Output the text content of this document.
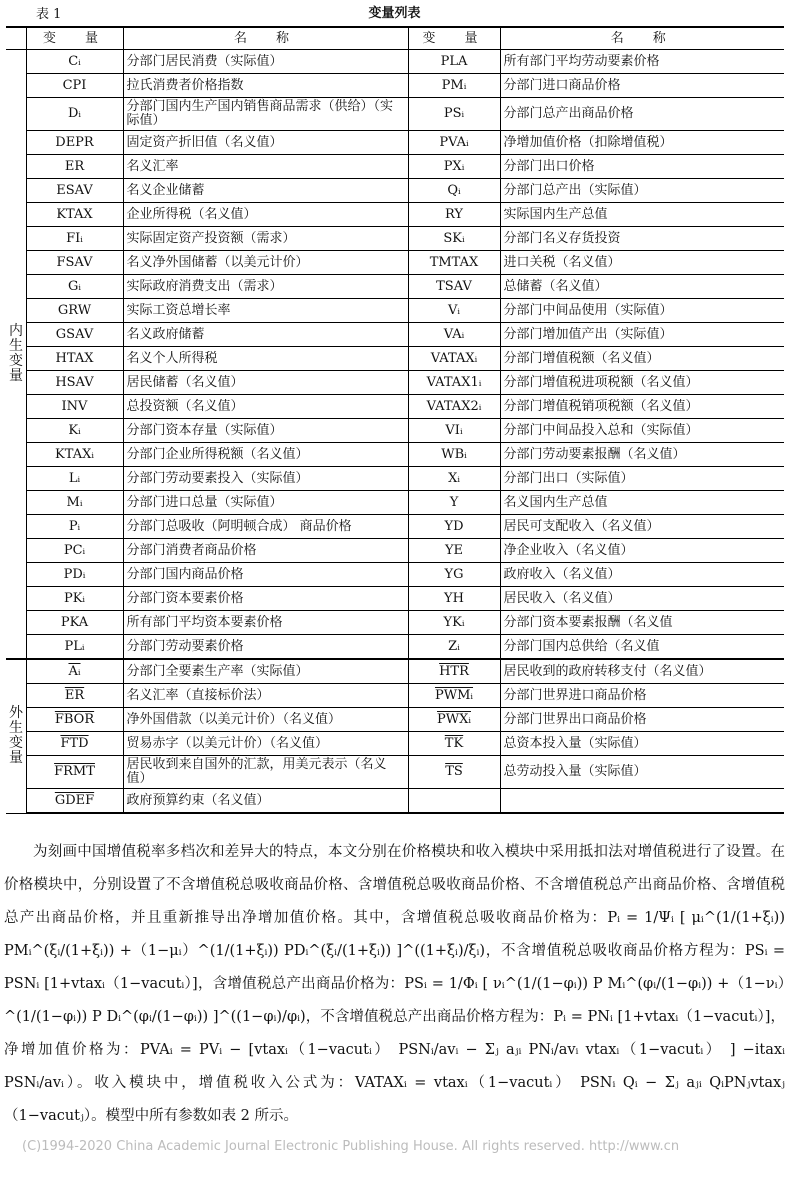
表 1	变量列表
	变　量	名　称	变　量	名　称
内生变量	Cᵢ	分部门居民消费（实际值）	PLA	所有部门平均劳动要素价格
	CPI	拉氏消费者价格指数	PMᵢ	分部门进口商品价格
	Dᵢ	分部门国内生产国内销售商品需求（供给）（实际值）	PSᵢ	分部门总产出商品价格
	DEPR	固定资产折旧值（名义值）	PVAᵢ	净增加值价格（扣除增值税）
	ER	名义汇率	PXᵢ	分部门出口价格
	ESAV	名义企业储蓄	Qᵢ	分部门总产出（实际值）
	KTAX	企业所得税（名义值）	RY	实际国内生产总值
	FIᵢ	实际固定资产投资额（需求）	SKᵢ	分部门名义存货投资
	FSAV	名义净外国储蓄（以美元计价）	TMTAX	进口关税（名义值）
	Gᵢ	实际政府消费支出（需求）	TSAV	总储蓄（名义值）
	GRW	实际工资总增长率	Vᵢ	分部门中间品使用（实际值）
	GSAV	名义政府储蓄	VAᵢ	分部门增加值产出（实际值）
	HTAX	名义个人所得税	VATAXᵢ	分部门增值税额（名义值）
	HSAV	居民储蓄（名义值）	VATAX1ᵢ	分部门增值税进项税额（名义值）
	INV	总投资额（名义值）	VATAX2ᵢ	分部门增值税销项税额（名义值）
	Kᵢ	分部门资本存量（实际值）	VIᵢ	分部门中间品投入总和（实际值）
	KTAXᵢ	分部门企业所得税额（名义值）	WBᵢ	分部门劳动要素报酬（名义值）
	Lᵢ	分部门劳动要素投入（实际值）	Xᵢ	分部门出口（实际值）
	Mᵢ	分部门进口总量（实际值）	Y	名义国内生产总值
	Pᵢ	分部门总吸收（阿明顿合成） 商品价格	YD	居民可支配收入（名义值）
	PCᵢ	分部门消费者商品价格	YE	净企业收入（名义值）
	PDᵢ	分部门国内商品价格	YG	政府收入（名义值）
	PKᵢ	分部门资本要素价格	YH	居民收入（名义值）
	PKA	所有部门平均资本要素价格	YKᵢ	分部门资本要素报酬（名义值
	PLᵢ	分部门劳动要素价格	Zᵢ	分部门国内总供给（名义值
外生变量	$\overline{Aᵢ}$	分部门全要素生产率（实际值）	$\overline{HTR}$	居民收到的政府转移支付（名义值）
	$\overline{ER}$	名义汇率（直接标价法）	PWMᵢ	分部门世界进口商品价格
	FBOR	净外国借款（以美元计价）（名义值）	PWXᵢ	分部门世界出口商品价格
	$\overline{FTD}$	贸易赤字（以美元计价）（名义值）	$\overline{TK}$	总资本投入量（实际值）
	FRMT	居民收到来自国外的汇款，用美元表示（名义值）	$\overline{TS}$	总劳动投入量（实际值）
	GDEF	政府预算约束（名义值）		
为刻画中国增值税率多档次和差异大的特点，本文分别在价格模块和收入模块中采用抵扣法对增值税进行了设置。在价格模块中，分别设置了不含增值税总吸收商品价格、含增值税总吸收商品价格、不含增值税总产出商品价格、含增值税总产出商品价格，并且重新推导出净增加值价格。其中，含增值税总吸收商品价格为：Pᵢ = 1/Ψᵢ [ μᵢ^(1/(1+ξᵢ)) PMᵢ^(ξᵢ/(1+ξᵢ)) +（1−μᵢ）^(1/(1+ξᵢ)) PDᵢ^(ξᵢ/(1+ξᵢ)) ]^((1+ξᵢ)/ξᵢ)，不含增值税总吸收商品价格方程为：PSᵢ = PSNᵢ [1+vtaxᵢ（1−vacutᵢ）]，含增值税总产出商品价格为：PSᵢ = 1/Φᵢ [ νᵢ^(1/(1−φᵢ)) P Mᵢ^(φᵢ/(1−φᵢ)) +（1−νᵢ）^(1/(1−φᵢ)) P Dᵢ^(φᵢ/(1−φᵢ)) ]^((1−φᵢ)/φᵢ)，不含增值税总产出商品价格方程为：Pᵢ = PNᵢ [1+vtaxᵢ（1−vacutᵢ）]，净增加值价格为：PVAᵢ = PVᵢ − [vtaxᵢ（1−vacutᵢ） PSNᵢ/avᵢ − Σⱼ aⱼᵢ PNᵢ/avᵢ vtaxᵢ（1−vacutᵢ） ] −itaxᵢ PSNᵢ/avᵢ）。收入模块中，增值税收入公式为：VATAXᵢ = vtaxᵢ（1−vacutᵢ） PSNᵢ Qᵢ − Σⱼ aⱼᵢ QᵢPNⱼvtaxⱼ（1−vacutⱼ）。模型中所有参数如表 2 所示。
(C)1994-2020 China Academic Journal Electronic Publishing House. All rights reserved. http://www.cn
